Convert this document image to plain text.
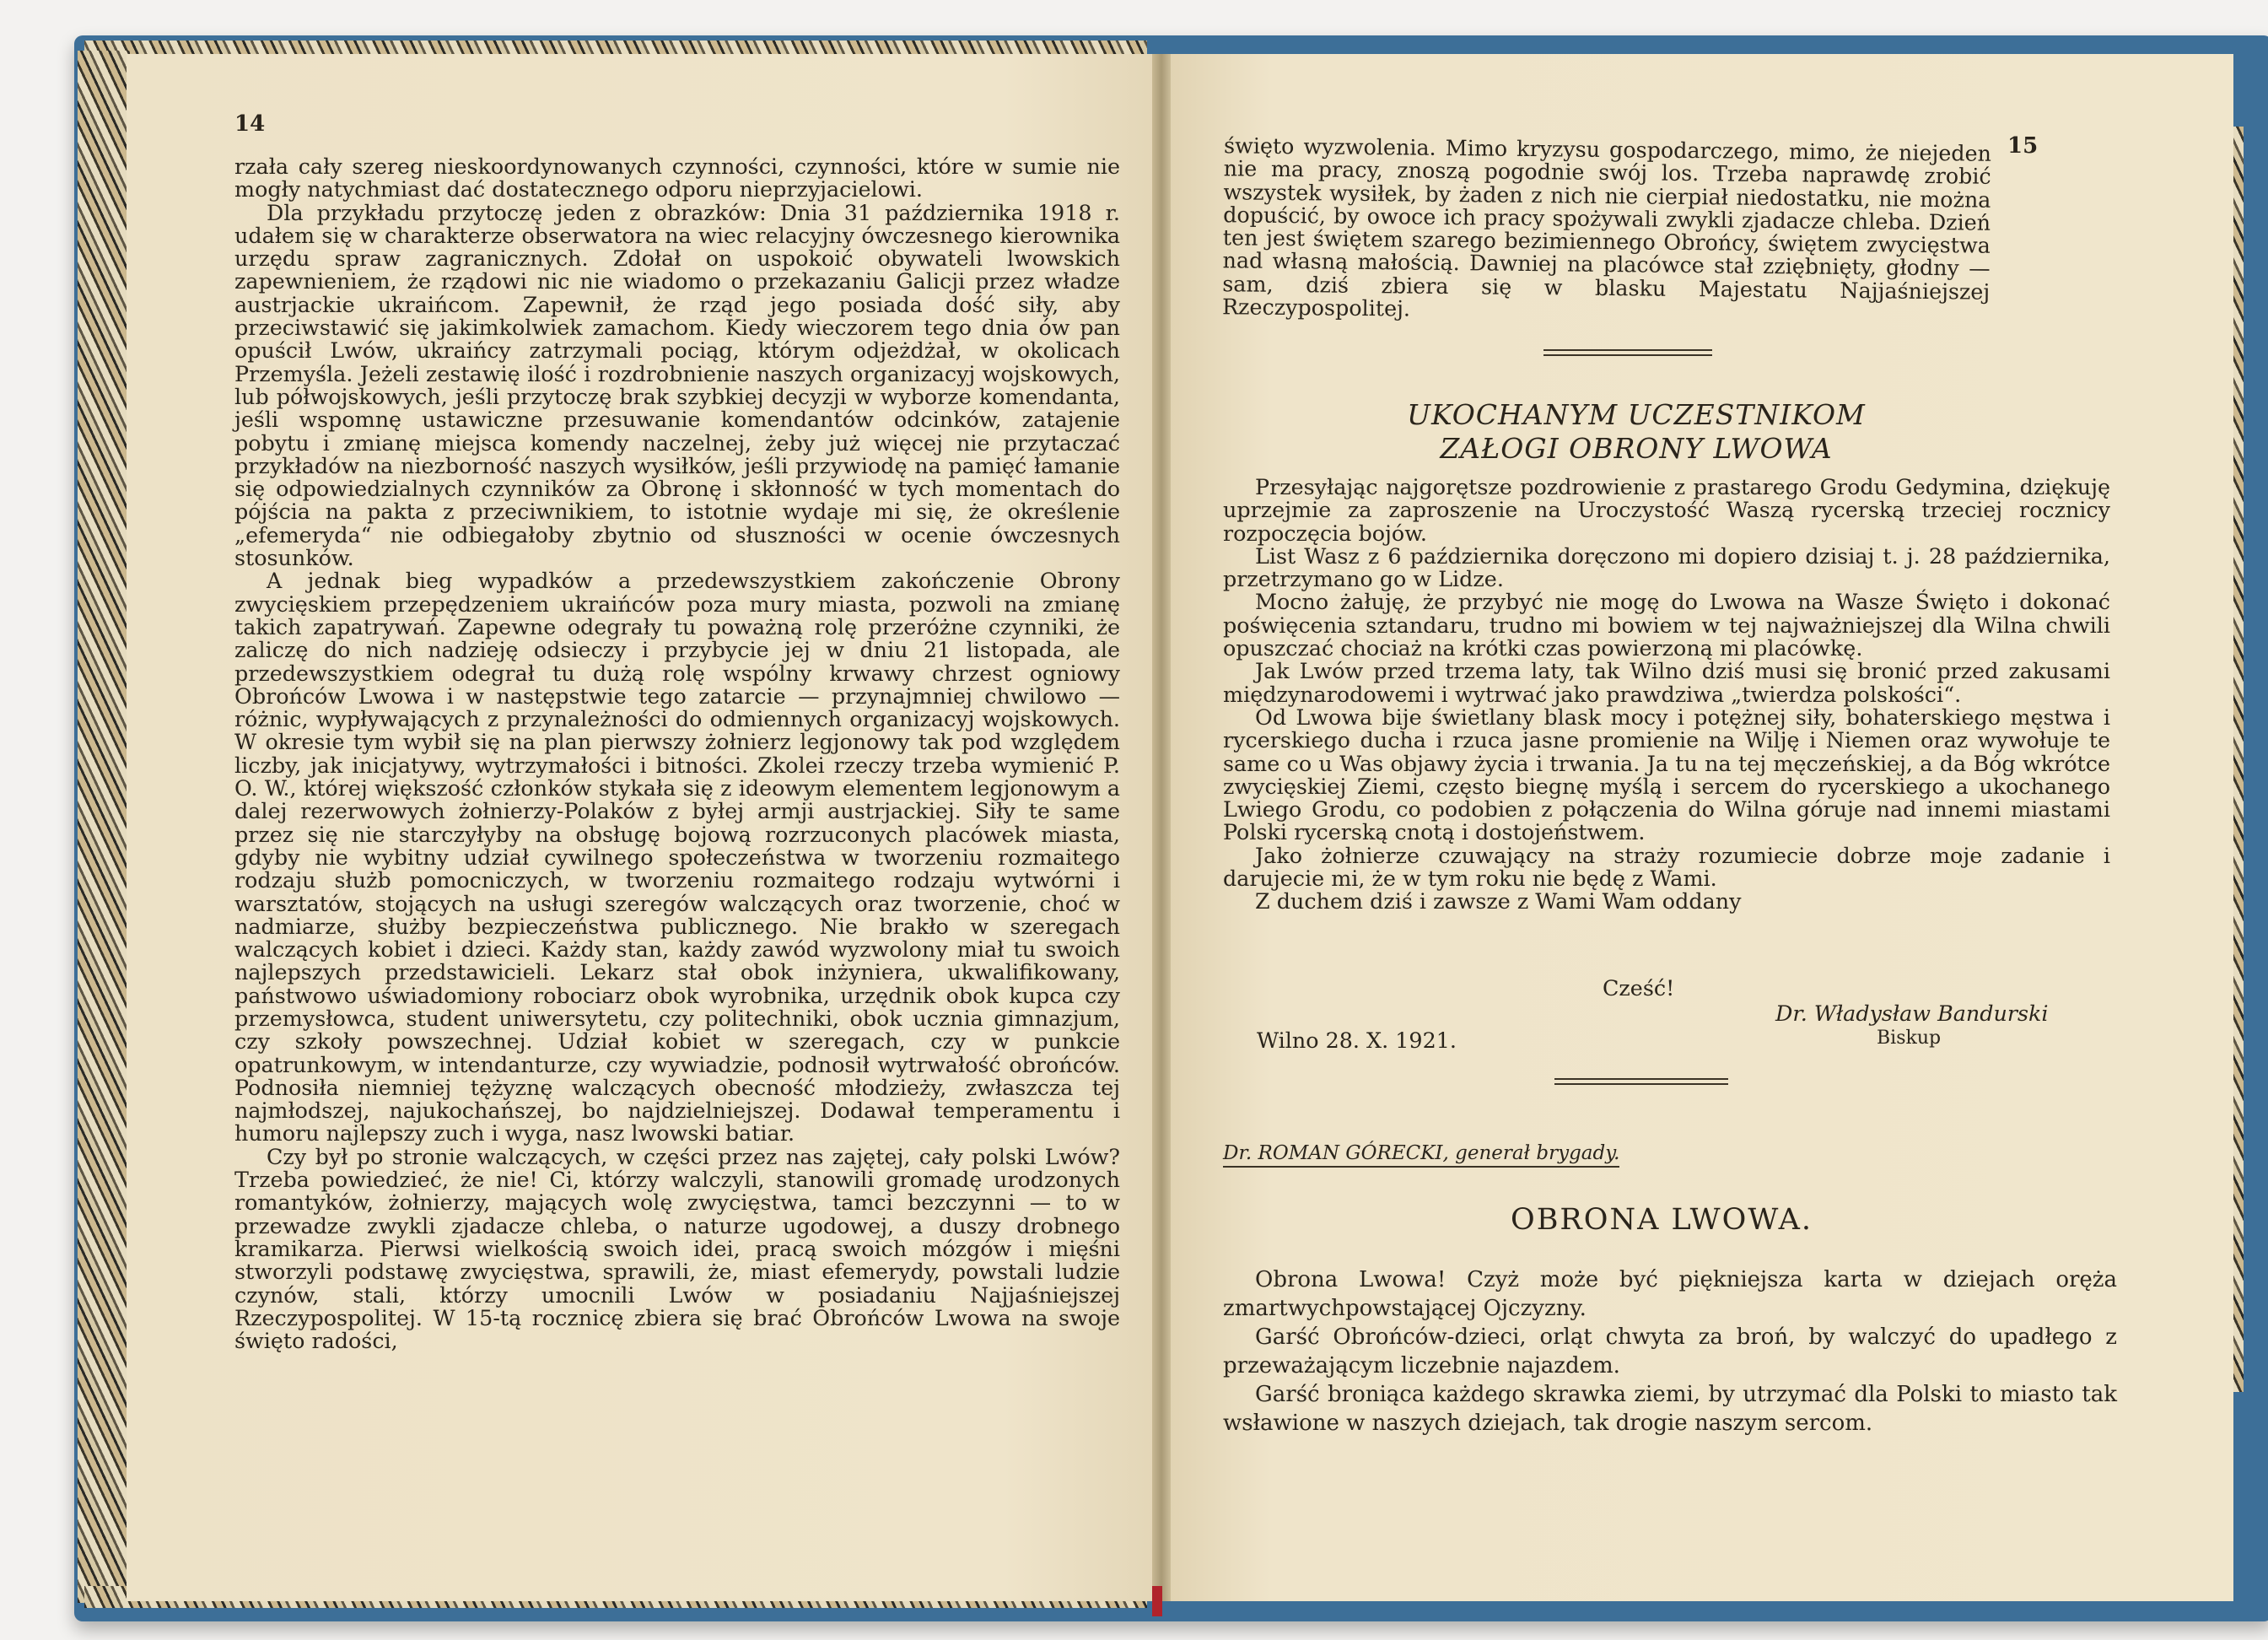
14

rzała cały szereg nieskoordynowanych czynności, czynności, które w sumie nie mogły natychmiast dać dostatecznego odporu nieprzyjacielowi.

Dla przykładu przytoczę jeden z obrazków: Dnia 31 października 1918 r. udałem się w charakterze obserwatora na wiec relacyjny ówczesnego kierownika urzędu spraw zagranicznych. Zdołał on uspokoić obywateli lwowskich zapewnieniem, że rządowi nic nie wiadomo o przekazaniu Galicji przez władze austrjackie ukraińcom. Zapewnił, że rząd jego posiada dość siły, aby przeciwstawić się jakimkolwiek zamachom. Kiedy wieczorem tego dnia ów pan opuścił Lwów, ukraińcy zatrzymali pociąg, którym odjeżdżał, w okolicach Przemyśla. Jeżeli zestawię ilość i rozdrobnienie naszych organizacyj wojskowych, lub półwojskowych, jeśli przytoczę brak szybkiej decyzji w wyborze komendanta, jeśli wspomnę ustawiczne przesuwanie komendantów odcinków, zatajenie pobytu i zmianę miejsca komendy naczelnej, żeby już więcej nie przytaczać przykładów na niezborność naszych wysiłków, jeśli przywiodę na pamięć łamanie się odpowiedzialnych czynników za Obronę i skłonność w tych momentach do pójścia na pakta z przeciwnikiem, to istotnie wydaje mi się, że określenie „efemeryda“ nie odbiegałoby zbytnio od słuszności w ocenie ówczesnych stosunków.

A jednak bieg wypadków a przedewszystkiem zakończenie Obrony zwycięskiem przepędzeniem ukraińców poza mury miasta, pozwoli na zmianę takich zapatrywań. Zapewne odegrały tu poważną rolę przeróżne czynniki, że zaliczę do nich nadzieję odsieczy i przybycie jej w dniu 21 listopada, ale przedewszystkiem odegrał tu dużą rolę wspólny krwawy chrzest ogniowy Obrońców Lwowa i w następstwie tego zatarcie — przynajmniej chwilowo — różnic, wypływających z przynależności do odmiennych organizacyj wojskowych. W okresie tym wybił się na plan pierwszy żołnierz legjonowy tak pod względem liczby, jak inicjatywy, wytrzymałości i bitności. Zkolei rzeczy trzeba wymienić P. O. W., której większość członków stykała się z ideowym elementem legjonowym a dalej rezerwowych żołnierzy-Polaków z byłej armji austrjackiej. Siły te same przez się nie starczyłyby na obsługę bojową rozrzuconych placówek miasta, gdyby nie wybitny udział cywilnego społeczeństwa w tworzeniu rozmaitego rodzaju służb pomocniczych, w tworzeniu rozmaitego rodzaju wytwórni i warsztatów, stojących na usługi szeregów walczących oraz tworzenie, choć w nadmiarze, służby bezpieczeństwa publicznego. Nie brakło w szeregach walczących kobiet i dzieci. Każdy stan, każdy zawód wyzwolony miał tu swoich najlepszych przedstawicieli. Lekarz stał obok inżyniera, ukwalifikowany, państwowo uświadomiony robociarz obok wyrobnika, urzędnik obok kupca czy przemysłowca, student uniwersytetu, czy politechniki, obok ucznia gimnazjum, czy szkoły powszechnej. Udział kobiet w szeregach, czy w punkcie opatrunkowym, w intendanturze, czy wywiadzie, podnosił wytrwałość obrońców. Podnosiła niemniej tężyznę walczących obecność młodzieży, zwłaszcza tej najmłodszej, najukochańszej, bo najdzielniejszej. Dodawał temperamentu i humoru najlepszy zuch i wyga, nasz lwowski batiar.

Czy był po stronie walczących, w części przez nas zajętej, cały polski Lwów? Trzeba powiedzieć, że nie! Ci, którzy walczyli, stanowili gromadę urodzonych romantyków, żołnierzy, mających wolę zwycięstwa, tamci bezczynni — to w przewadze zwykli zjadacze chleba, o naturze ugodowej, a duszy drobnego kramikarza. Pierwsi wielkością swoich idei, pracą swoich mózgów i mięśni stworzyli podstawę zwycięstwa, sprawili, że, miast efemerydy, powstali ludzie czynów, stali, którzy umocnili Lwów w posiadaniu Najjaśniejszej Rzeczypospolitej. W 15-tą rocznicę zbiera się brać Obrońców Lwowa na swoje święto radości,

15

święto wyzwolenia. Mimo kryzysu gospodarczego, mimo, że niejeden nie ma pracy, znoszą pogodnie swój los. Trzeba naprawdę zrobić wszystek wysiłek, by żaden z nich nie cierpiał niedostatku, nie można dopuścić, by owoce ich pracy spożywali zwykli zjadacze chleba. Dzień ten jest świętem szarego bezimiennego Obrońcy, świętem zwycięstwa nad własną małością. Dawniej na placówce stał zziębnięty, głodny — sam, dziś zbiera się w blasku Majestatu Najjaśniejszej Rzeczypospolitej.

UKOCHANYM UCZESTNIKOM
ZAŁOGI OBRONY LWOWA

Przesyłając najgorętsze pozdrowienie z prastarego Grodu Gedymina, dziękuję uprzejmie za zaproszenie na Uroczystość Waszą rycerską trzeciej rocznicy rozpoczęcia bojów.

List Wasz z 6 października doręczono mi dopiero dzisiaj t. j. 28 października, przetrzymano go w Lidze.

Mocno żałuję, że przybyć nie mogę do Lwowa na Wasze Święto i dokonać poświęcenia sztandaru, trudno mi bowiem w tej najważniejszej dla Wilna chwili opuszczać chociaż na krótki czas powierzoną mi placówkę.

Jak Lwów przed trzema laty, tak Wilno dziś musi się bronić przed zakusami międzynarodowemi i wytrwać jako prawdziwa „twierdza polskości“.

Od Lwowa bije świetlany blask mocy i potężnej siły, bohaterskiego męstwa i rycerskiego ducha i rzuca jasne promienie na Wilję i Niemen oraz wywołuje te same co u Was objawy życia i trwania. Ja tu na tej męczeńskiej, a da Bóg wkrótce zwycięskiej Ziemi, często biegnę myślą i sercem do rycerskiego a ukochanego Lwiego Grodu, co podobien z połączenia do Wilna góruje nad innemi miastami Polski rycerską cnotą i dostojeństwem.

Jako żołnierze czuwający na straży rozumiecie dobrze moje zadanie i darujecie mi, że w tym roku nie będę z Wami.

Z duchem dziś i zawsze z Wami Wam oddany

Cześć!
Dr. Władysław Bandurski
Biskup
Wilno 28. X. 1921.
Dr. ROMAN GÓRECKI, generał brygady.
OBRONA LWOWA.

Obrona Lwowa! Czyż może być piękniejsza karta w dziejach oręża zmartwychpowstającej Ojczyzny.

Garść Obrońców-dzieci, orląt chwyta za broń, by walczyć do upadłego z przeważającym liczebnie najazdem.

Garść broniąca każdego skrawka ziemi, by utrzymać dla Polski to miasto tak wsławione w naszych dziejach, tak drogie naszym sercom.
